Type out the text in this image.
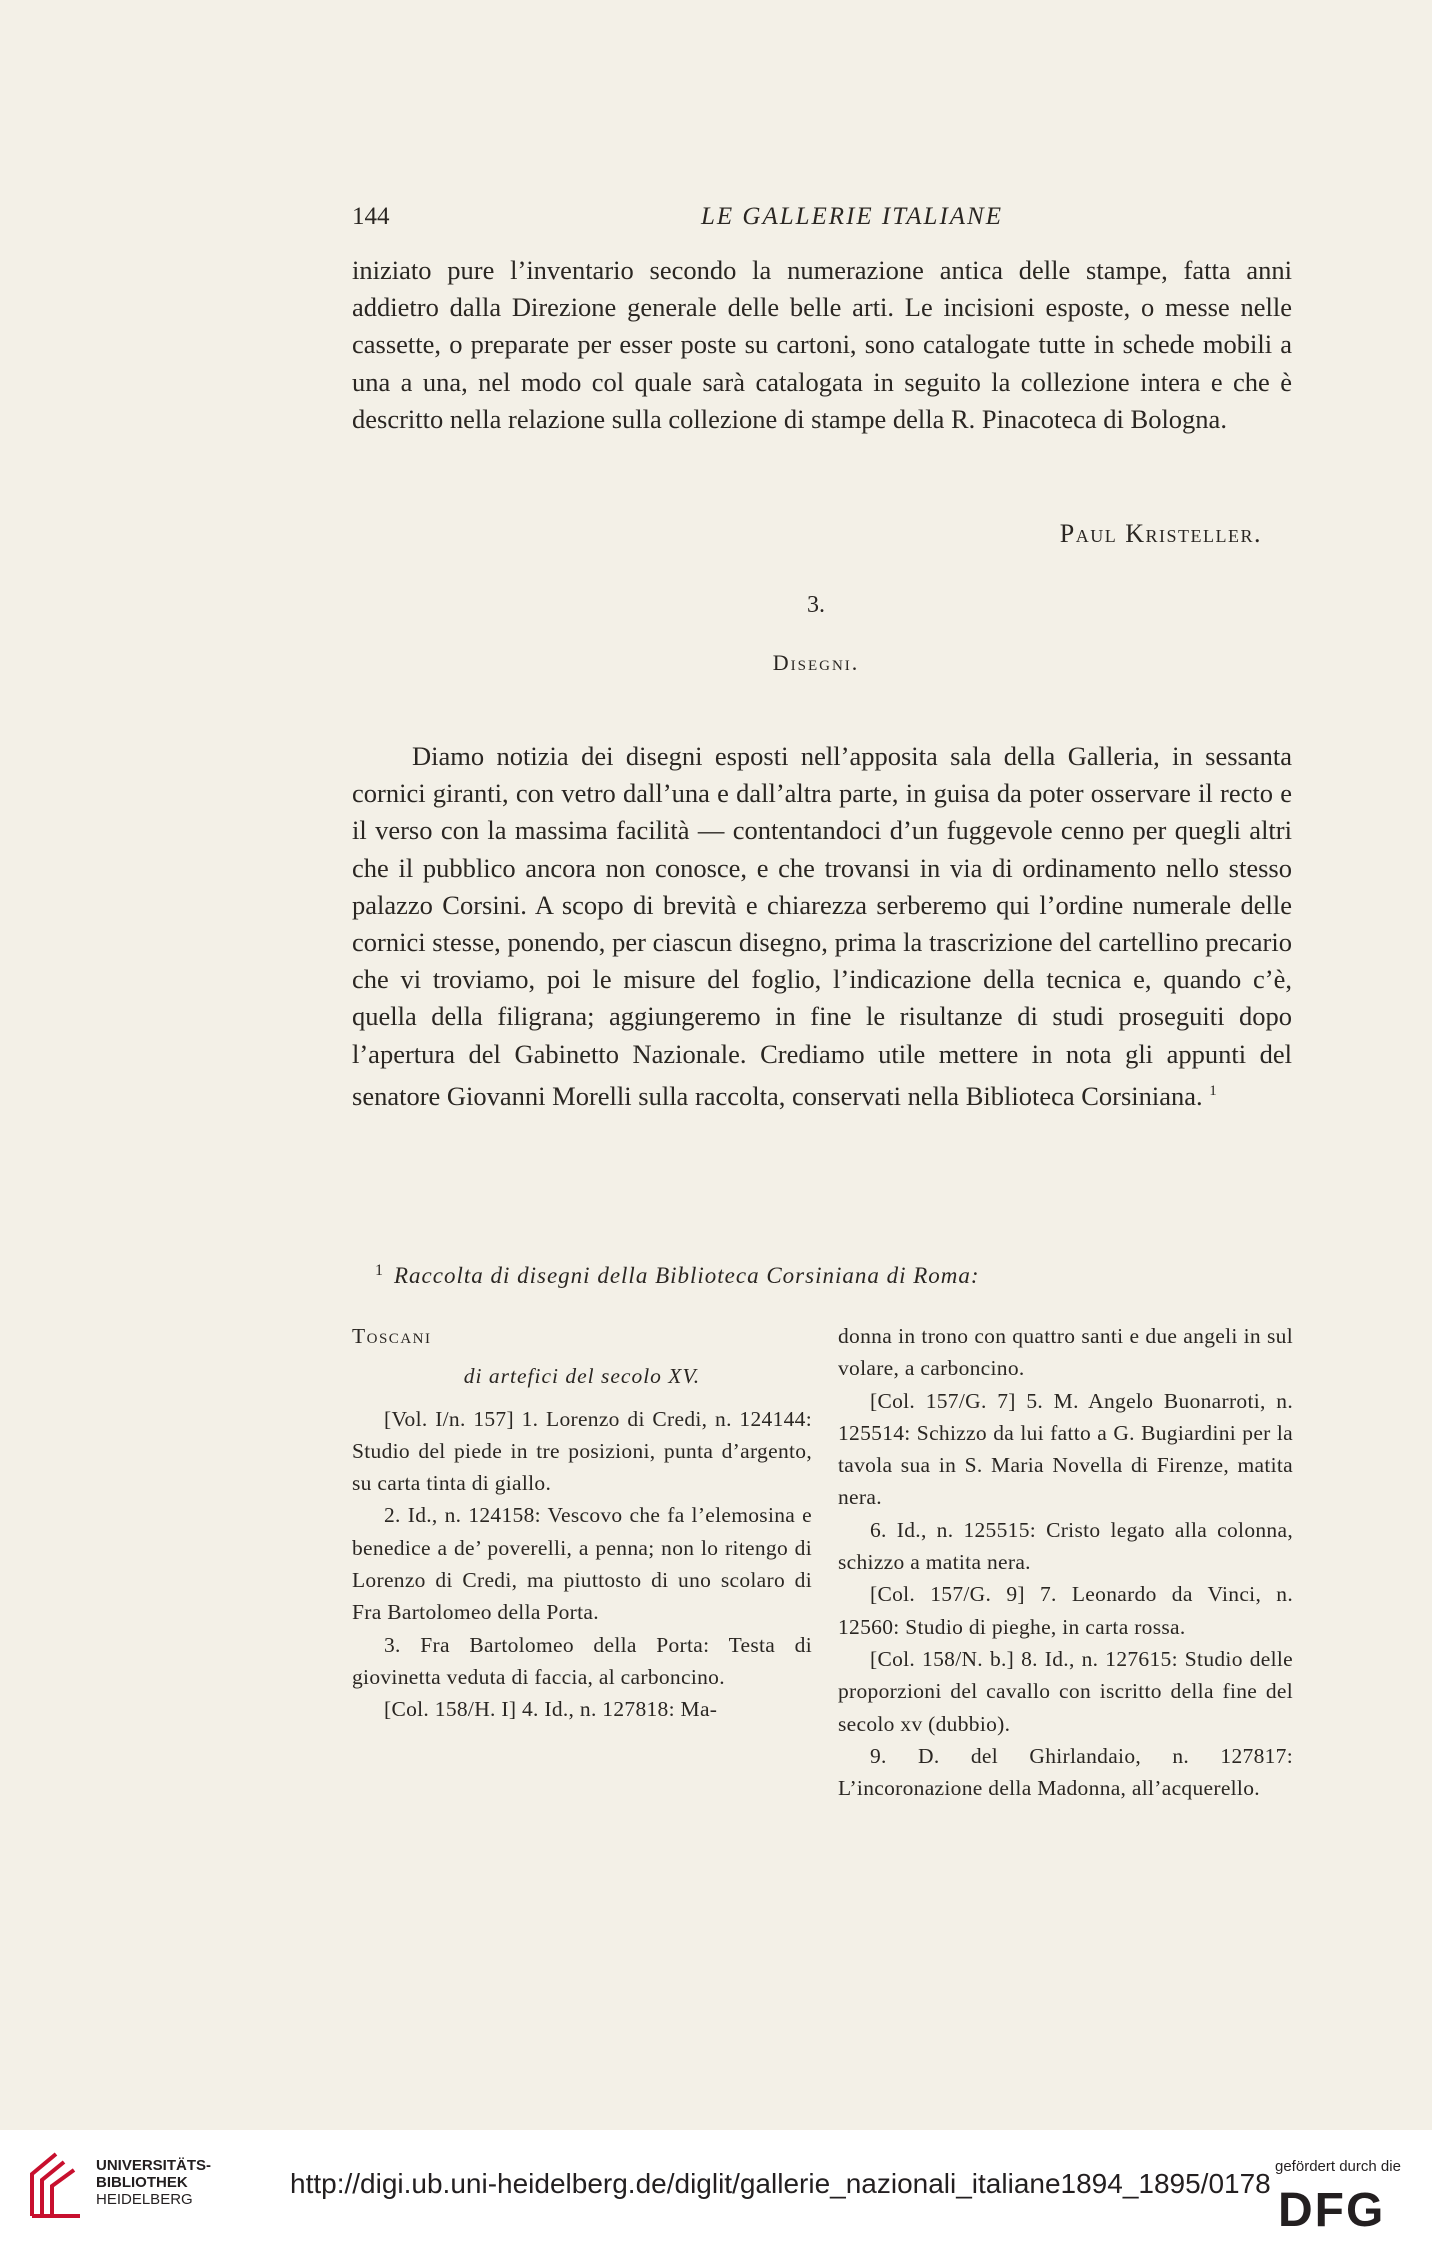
144	LE GALLERIE ITALIANE

iniziato pure l’inventario secondo la numerazione antica delle stampe, fatta anni addietro dalla Direzione generale delle belle arti. Le incisioni esposte, o messe nelle cassette, o preparate per esser poste su cartoni, sono catalogate tutte in schede mobili a una a una, nel modo col quale sarà catalogata in seguito la collezione intera e che è descritto nella relazione sulla collezione di stampe della R. Pinacoteca di Bologna.

Paul Kristeller.
3.
Disegni.

Diamo notizia dei disegni esposti nell’apposita sala della Galleria, in sessanta cornici giranti, con vetro dall’una e dall’altra parte, in guisa da poter osservare il recto e il verso con la massima facilità — contentandoci d’un fuggevole cenno per quegli altri che il pubblico ancora non conosce, e che trovansi in via di ordinamento nello stesso palazzo Corsini. A scopo di brevità e chiarezza serberemo qui l’ordine numerale delle cornici stesse, ponendo, per ciascun disegno, prima la trascrizione del cartellino precario che vi troviamo, poi le misure del foglio, l’indicazione della tecnica e, quando c’è, quella della filigrana; aggiungeremo in fine le risultanze di studi proseguiti dopo l’apertura del Gabinetto Nazionale. Crediamo utile mettere in nota gli appunti del senatore Giovanni Morelli sulla raccolta, conservati nella Biblioteca Corsiniana. $^1$

$^1$ Raccolta di disegni della Biblioteca Corsiniana di Roma:

Toscani

di artefici del secolo XV.

[Vol. I/n. 157] 1. Lorenzo di Credi, n. 124144: Studio del piede in tre posizioni, punta d’argento, su carta tinta di giallo.

2. Id., n. 124158: Vescovo che fa l’elemosina e benedice a de’ poverelli, a penna; non lo ritengo di Lorenzo di Credi, ma piuttosto di uno scolaro di Fra Bartolomeo della Porta.

3. Fra Bartolomeo della Porta: Testa di giovinetta veduta di faccia, al carboncino.

[Col. 158/H. I] 4. Id., n. 127818: Ma-

donna in trono con quattro santi e due angeli in sul volare, a carboncino.

[Col. 157/G. 7] 5. M. Angelo Buonarroti, n. 125514: Schizzo da lui fatto a G. Bugiardini per la tavola sua in S. Maria Novella di Firenze, matita nera.

6. Id., n. 125515: Cristo legato alla colonna, schizzo a matita nera.

[Col. 157/G. 9] 7. Leonardo da Vinci, n. 12560: Studio di pieghe, in carta rossa.

[Col. 158/N. b.] 8. Id., n. 127615: Studio delle proporzioni del cavallo con iscritto della fine del secolo xv (dubbio).

9. D. del Ghirlandaio, n. 127817: L’incoronazione della Madonna, all’acquerello.

UNIVERSITÄTS-
BIBLIOTHEK
HEIDELBERG
http://digi.ub.uni-heidelberg.de/diglit/gallerie_nazionali_italiane1894_1895/0178
gefördert durch die
DFG
